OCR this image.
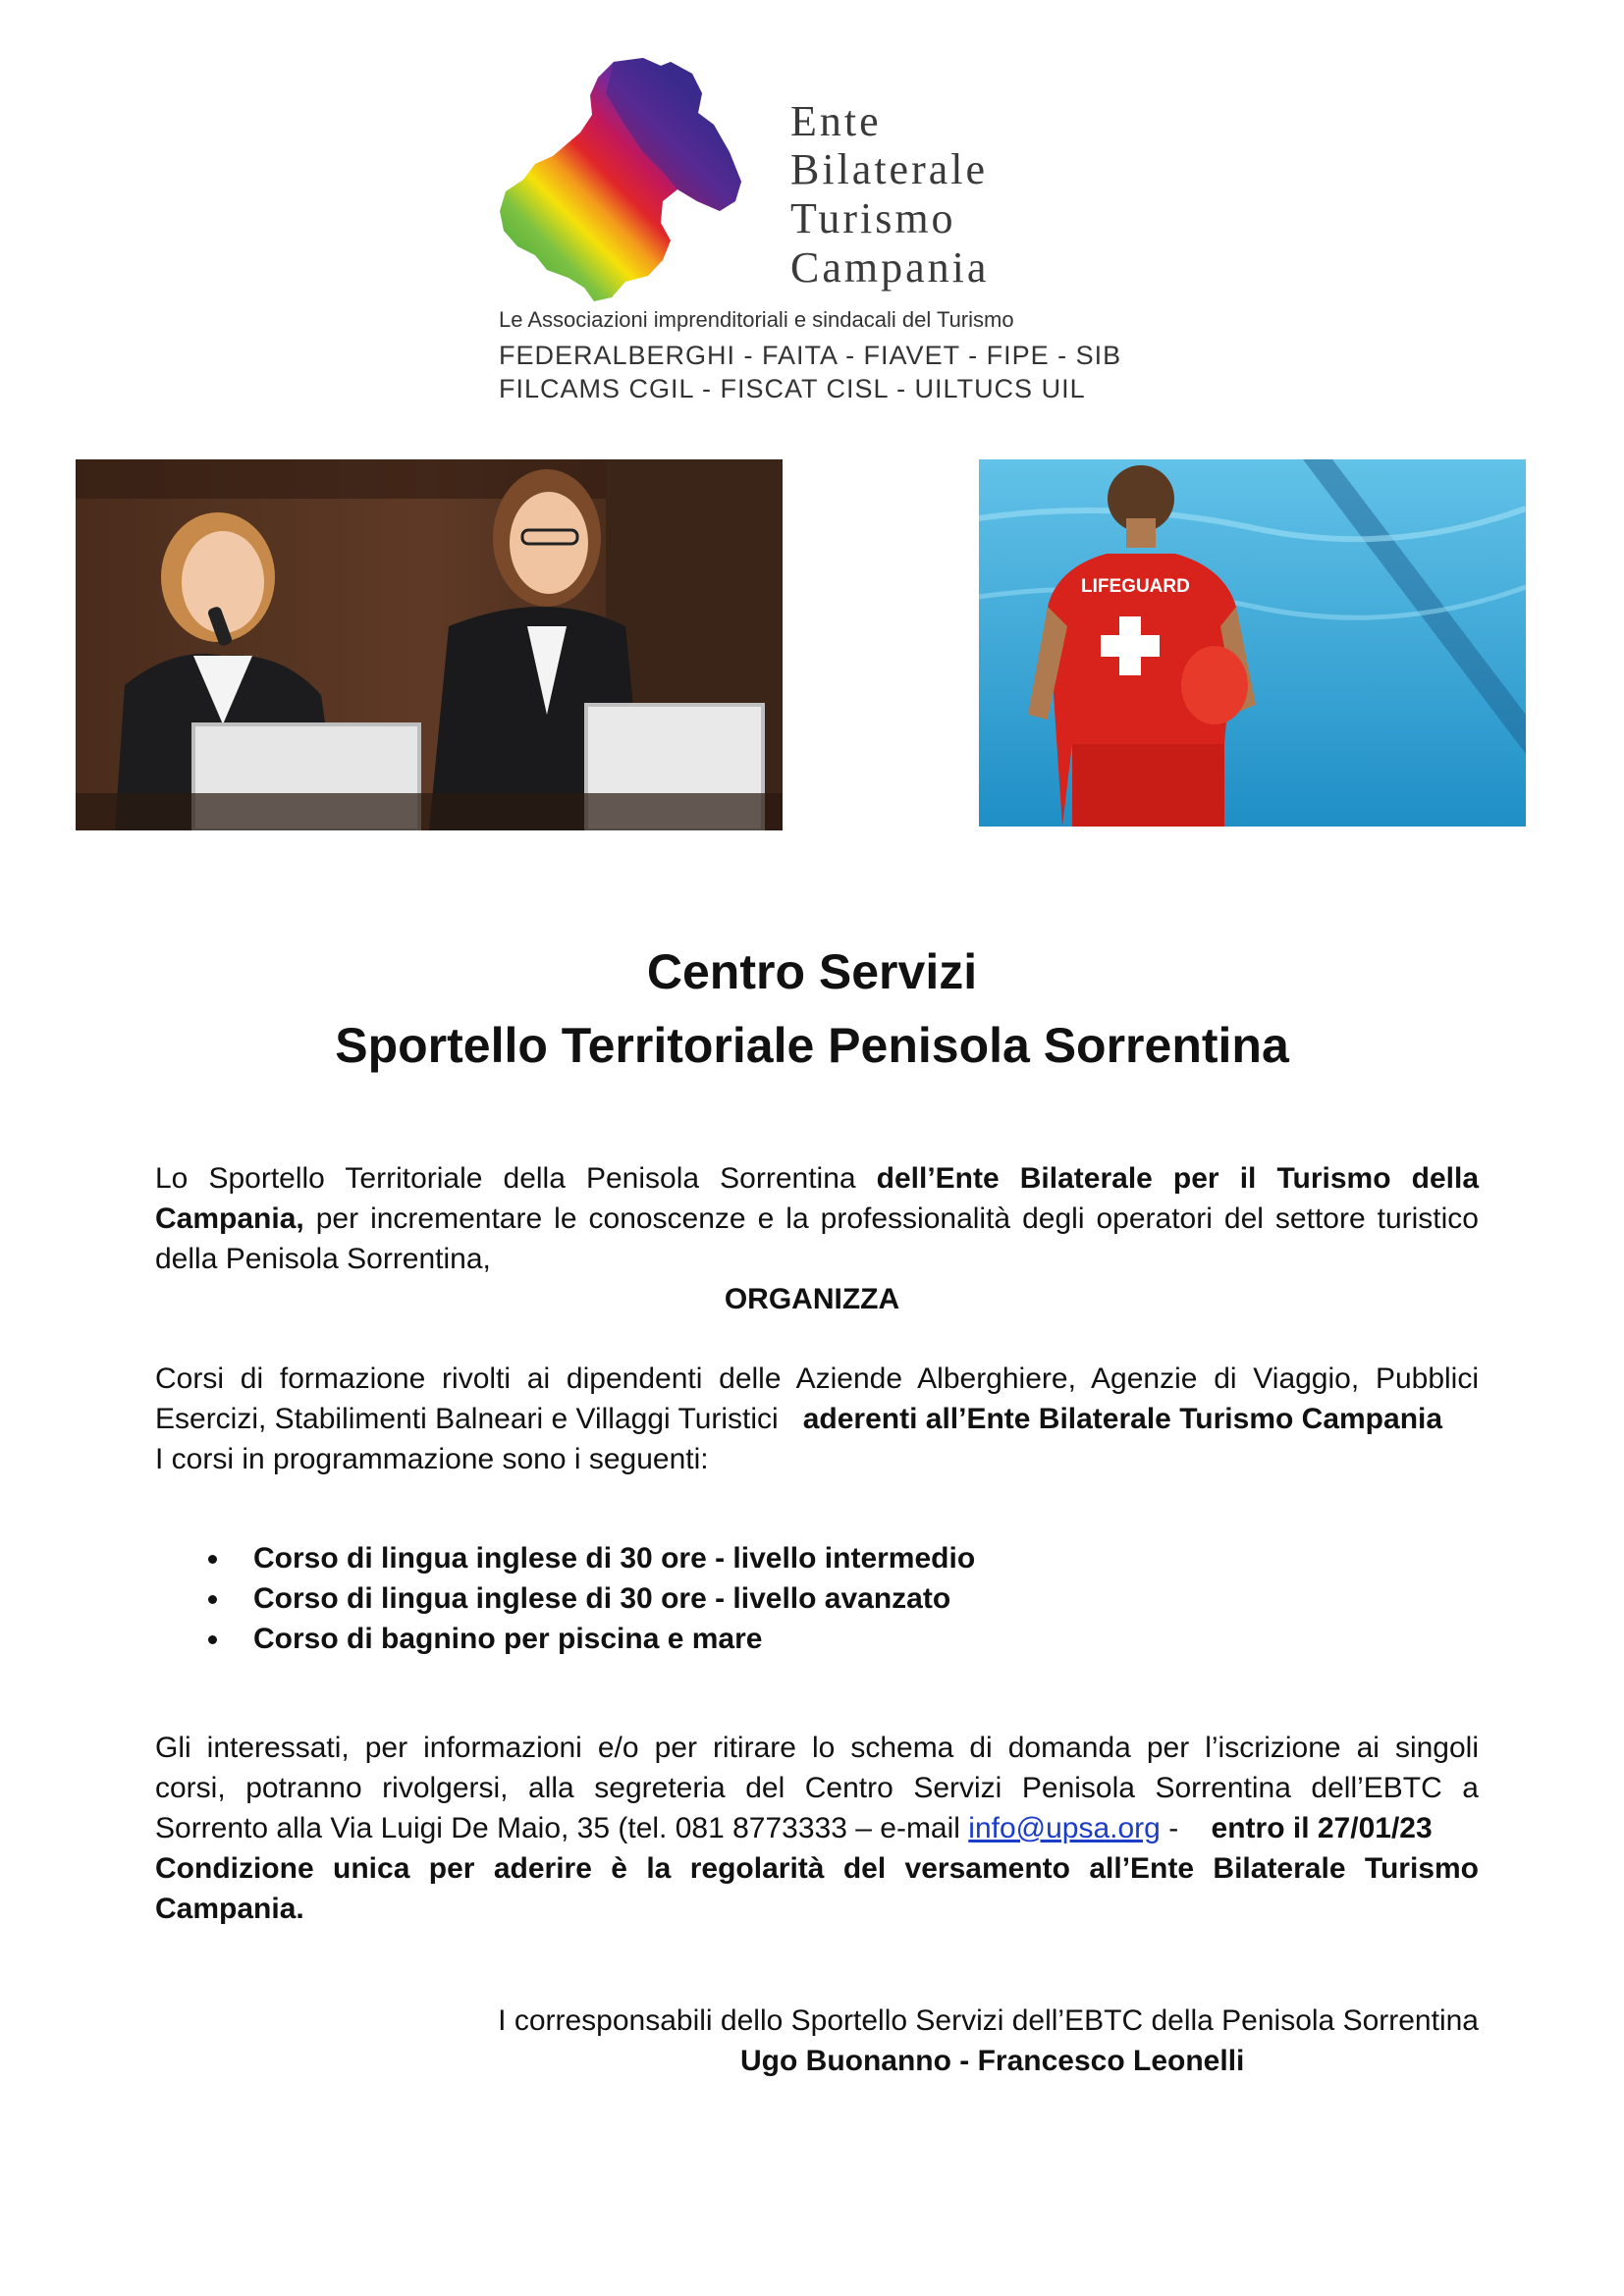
Ente
Bilaterale
Turismo
Campania
Le Associazioni imprenditoriali e sindacali del Turismo
FEDERALBERGHI - FAITA - FIAVET - FIPE - SIB
FILCAMS CGIL - FISCAT CISL - UILTUCS UIL
LIFEGUARD
Centro Servizi
Sportello Territoriale Penisola Sorrentina
Lo Sportello Territoriale della Penisola Sorrentina dell’Ente Bilaterale per il Turismo della
Campania, per incrementare le conoscenze e la professionalità degli operatori del settore turistico
della Penisola Sorrentina,
ORGANIZZA
Corsi di formazione rivolti ai dipendenti delle Aziende Alberghiere, Agenzie di Viaggio, Pubblici
Esercizi, Stabilimenti Balneari e Villaggi Turistici aderenti all’Ente Bilaterale Turismo Campania
I corsi in programmazione sono i seguenti:
Corso di lingua inglese di 30 ore - livello intermedio
Corso di lingua inglese di 30 ore - livello avanzato
Corso di bagnino per piscina e mare
Gli interessati, per informazioni e/o per ritirare lo schema di domanda per l’iscrizione ai singoli
corsi, potranno rivolgersi, alla segreteria del Centro Servizi Penisola Sorrentina dell’EBTC a
Sorrento alla Via Luigi De Maio, 35 (tel. 081 8773333 – e-mail info@upsa.org - entro il 27/01/23
Condizione unica per aderire è la regolarità del versamento all’Ente Bilaterale Turismo
Campania.
I corresponsabili dello Sportello Servizi dell’EBTC della Penisola Sorrentina
Ugo Buonanno - Francesco Leonelli
